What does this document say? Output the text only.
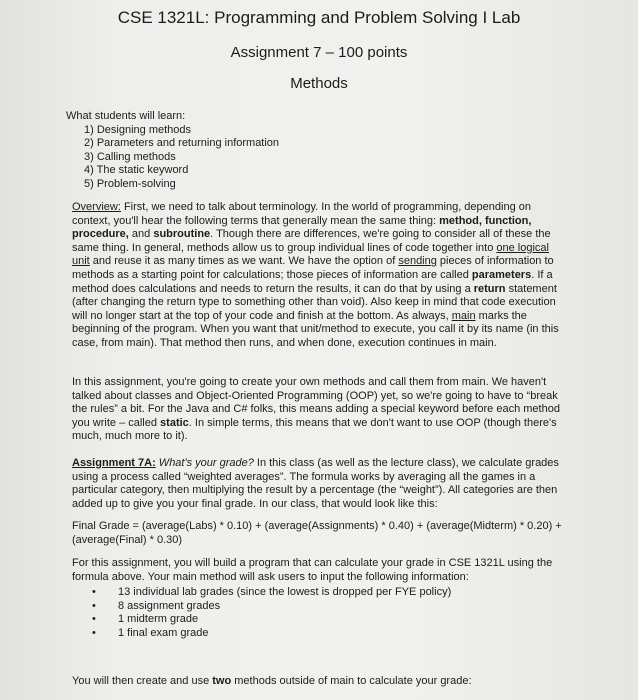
CSE 1321L: Programming and Problem Solving I Lab
Assignment 7 – 100 points
Methods
What students will learn:
1) Designing methods
2) Parameters and returning information
3) Calling methods
4) The static keyword
5) Problem-solving
Overview: First, we need to talk about terminology. In the world of programming, depending on context, you'll hear the following terms that generally mean the same thing: method, function, procedure, and subroutine. Though there are differences, we're going to consider all of these the same thing. In general, methods allow us to group individual lines of code together into one logical unit and reuse it as many times as we want. We have the option of sending pieces of information to methods as a starting point for calculations; those pieces of information are called parameters. If a method does calculations and needs to return the results, it can do that by using a return statement (after changing the return type to something other than void). Also keep in mind that code execution will no longer start at the top of your code and finish at the bottom. As always, main marks the beginning of the program. When you want that unit/method to execute, you call it by its name (in this case, from main). That method then runs, and when done, execution continues in main.
In this assignment, you're going to create your own methods and call them from main. We haven't talked about classes and Object-Oriented Programming (OOP) yet, so we're going to have to “break the rules” a bit. For the Java and C# folks, this means adding a special keyword before each method you write – called static. In simple terms, this means that we don't want to use OOP (though there's much, much more to it).
Assignment 7A: What's your grade? In this class (as well as the lecture class), we calculate grades using a process called “weighted averages”. The formula works by averaging all the games in a particular category, then multiplying the result by a percentage (the “weight”). All categories are then added up to give you your final grade. In our class, that would look like this:
Final Grade = (average(Labs) * 0.10) + (average(Assignments) * 0.40) + (average(Midterm) * 0.20) + (average(Final) * 0.30)
For this assignment, you will build a program that can calculate your grade in CSE 1321L using the formula above. Your main method will ask users to input the following information:
• 13 individual lab grades (since the lowest is dropped per FYE policy)
• 8 assignment grades
• 1 midterm grade
• 1 final exam grade
You will then create and use two methods outside of main to calculate your grade:
